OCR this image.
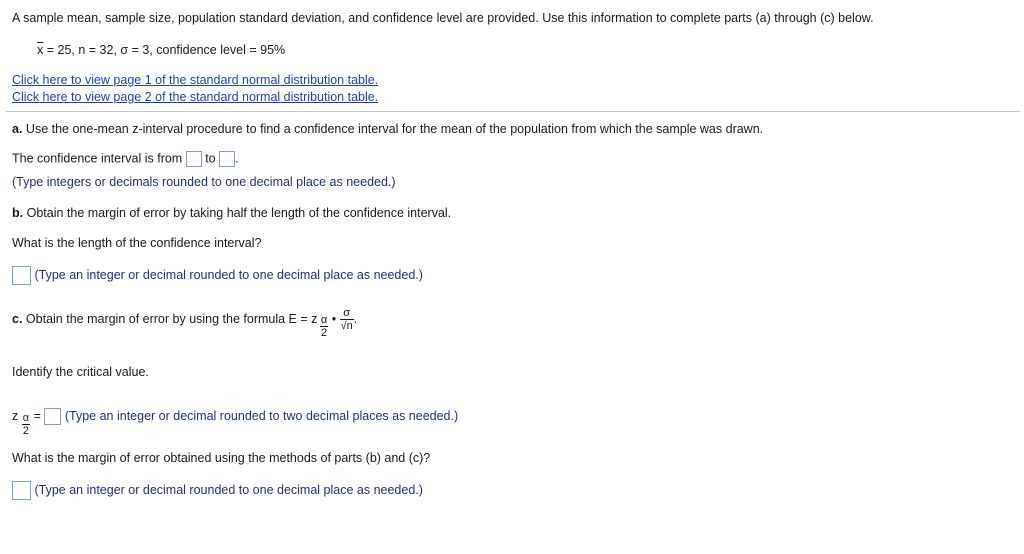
A sample mean, sample size, population standard deviation, and confidence level are provided. Use this information to complete parts (a) through (c) below.
$\overline{x} = 25$, n = 32, σ = 3, confidence level = 95%
Click here to view page 1 of the standard normal distribution table.
Click here to view page 2 of the standard normal distribution table.
a. Use the one-mean z-interval procedure to find a confidence interval for the mean of the population from which the sample was drawn.
The confidence interval is from to .
(Type integers or decimals rounded to one decimal place as needed.)
b. Obtain the margin of error by taking half the length of the confidence interval.
What is the length of the confidence interval?
(Type an integer or decimal rounded to one decimal place as needed.)
c. Obtain the margin of error by using the formula E = z $\frac{\alpha}{2}$ • $\frac{\sigma}{√n}$ .
Identify the critical value.
z $\frac{\alpha}{2}$ = (Type an integer or decimal rounded to two decimal places as needed.)
What is the margin of error obtained using the methods of parts (b) and (c)?
(Type an integer or decimal rounded to one decimal place as needed.)
